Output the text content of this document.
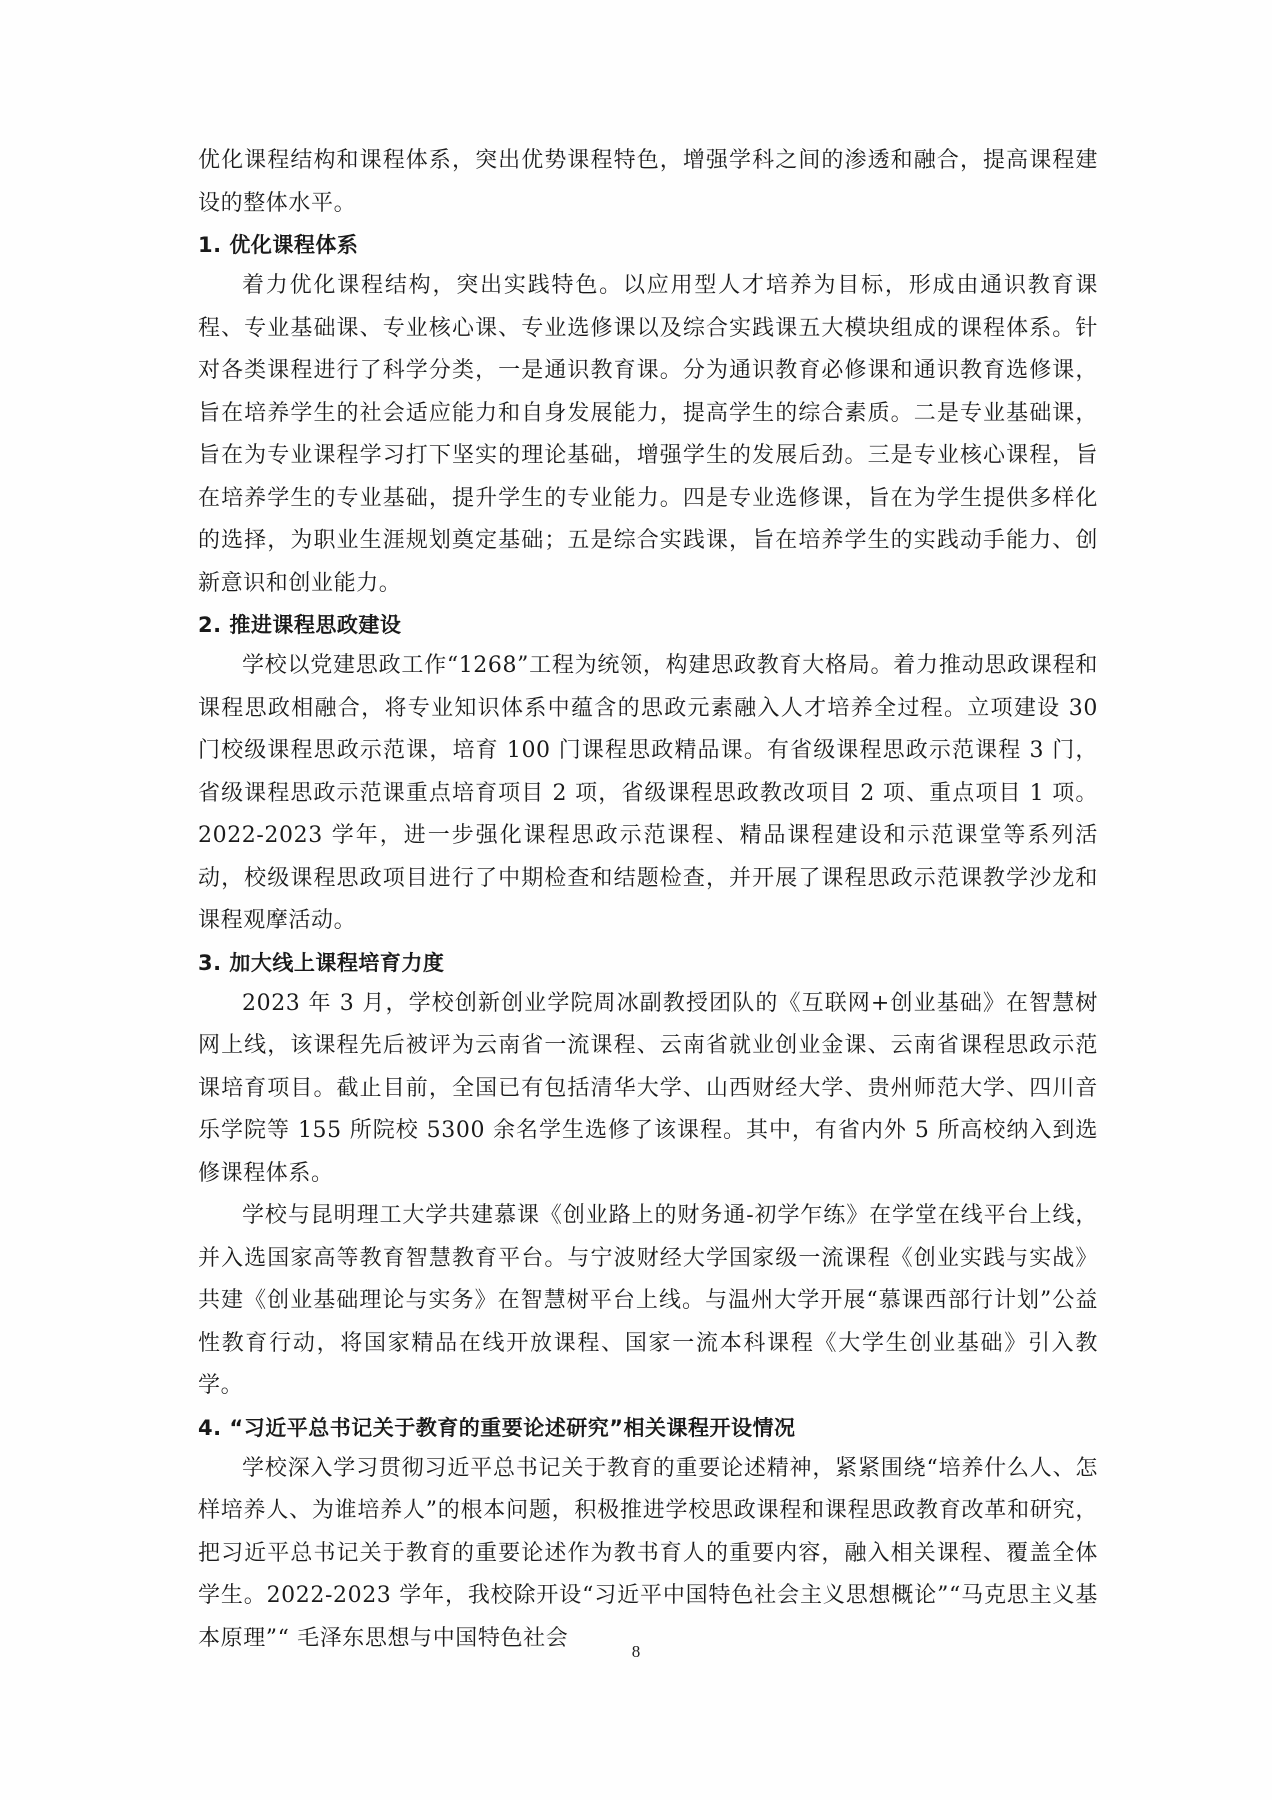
优化课程结构和课程体系，突出优势课程特色，增强学科之间的渗透和融合，提高课程建设的整体水平。

1. 优化课程体系

着力优化课程结构，突出实践特色。以应用型人才培养为目标，形成由通识教育课程、专业基础课、专业核心课、专业选修课以及综合实践课五大模块组成的课程体系。针对各类课程进行了科学分类，一是通识教育课。分为通识教育必修课和通识教育选修课，旨在培养学生的社会适应能力和自身发展能力，提高学生的综合素质。二是专业基础课，旨在为专业课程学习打下坚实的理论基础，增强学生的发展后劲。三是专业核心课程，旨在培养学生的专业基础，提升学生的专业能力。四是专业选修课，旨在为学生提供多样化的选择，为职业生涯规划奠定基础；五是综合实践课，旨在培养学生的实践动手能力、创新意识和创业能力。

2. 推进课程思政建设

学校以党建思政工作“1268”工程为统领，构建思政教育大格局。着力推动思政课程和课程思政相融合，将专业知识体系中蕴含的思政元素融入人才培养全过程。立项建设 30 门校级课程思政示范课，培育 100 门课程思政精品课。有省级课程思政示范课程 3 门，省级课程思政示范课重点培育项目 2 项，省级课程思政教改项目 2 项、重点项目 1 项。2022-2023 学年，进一步强化课程思政示范课程、精品课程建设和示范课堂等系列活动，校级课程思政项目进行了中期检查和结题检查，并开展了课程思政示范课教学沙龙和课程观摩活动。

3. 加大线上课程培育力度

2023 年 3 月，学校创新创业学院周冰副教授团队的《互联网+创业基础》在智慧树网上线，该课程先后被评为云南省一流课程、云南省就业创业金课、云南省课程思政示范课培育项目。截止目前，全国已有包括清华大学、山西财经大学、贵州师范大学、四川音乐学院等 155 所院校 5300 余名学生选修了该课程。其中，有省内外 5 所高校纳入到选修课程体系。

学校与昆明理工大学共建慕课《创业路上的财务通-初学乍练》在学堂在线平台上线，并入选国家高等教育智慧教育平台。与宁波财经大学国家级一流课程《创业实践与实战》共建《创业基础理论与实务》在智慧树平台上线。与温州大学开展“慕课西部行计划”公益性教育行动，将国家精品在线开放课程、国家一流本科课程《大学生创业基础》引入教学。

4. “习近平总书记关于教育的重要论述研究”相关课程开设情况

学校深入学习贯彻习近平总书记关于教育的重要论述精神，紧紧围绕“培养什么人、怎样培养人、为谁培养人”的根本问题，积极推进学校思政课程和课程思政教育改革和研究，把习近平总书记关于教育的重要论述作为教书育人的重要内容，融入相关课程、覆盖全体学生。2022-2023 学年，我校除开设“习近平中国特色社会主义思想概论”“马克思主义基本原理”“ 毛泽东思想与中国特色社会

8
